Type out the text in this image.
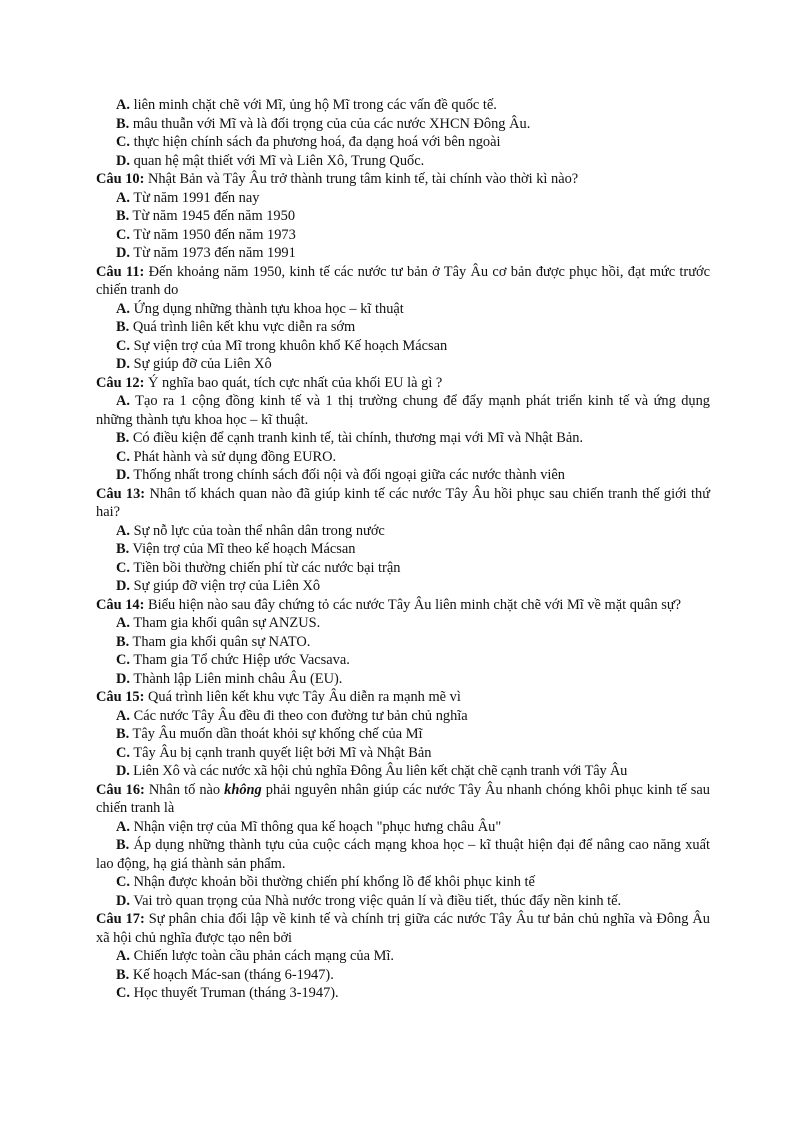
A. liên minh chặt chẽ với Mĩ, ủng hộ Mĩ trong các vấn đề quốc tế.
B. mâu thuẫn với Mĩ và là đối trọng của của các nước XHCN Đông Âu.
C. thực hiện chính sách đa phương hoá, đa dạng hoá với bên ngoài
D. quan hệ mật thiết với Mĩ và Liên Xô, Trung Quốc.
Câu 10: Nhật Bản và Tây Âu trở thành trung tâm kinh tế, tài chính vào thời kì nào?
A. Từ năm 1991 đến nay
B. Từ năm 1945 đến năm 1950
C. Từ năm 1950 đến năm 1973
D. Từ năm 1973 đến năm 1991
Câu 11: Đến khoảng năm 1950, kinh tế các nước tư bản ở Tây Âu cơ bản được phục hồi, đạt mức trước chiến tranh do
A. Ứng dụng những thành tựu khoa học – kĩ thuật
B. Quá trình liên kết khu vực diễn ra sớm
C. Sự viện trợ của Mĩ trong khuôn khổ Kế hoạch Mácsan
D. Sự giúp đỡ của Liên Xô
Câu 12: Ý nghĩa bao quát, tích cực nhất của khối EU là gì ?
A. Tạo ra 1 cộng đồng kinh tế và 1 thị trường chung để đẩy mạnh phát triển kinh tế và ứng dụng những thành tựu khoa học – kĩ thuật.
B. Có điều kiện để cạnh tranh kinh tế, tài chính, thương mại với Mĩ và Nhật Bản.
C. Phát hành và sử dụng đồng EURO.
D. Thống nhất trong chính sách đối nội và đối ngoại giữa các nước thành viên
Câu 13: Nhân tố khách quan nào đã giúp kinh tế các nước Tây Âu hồi phục sau chiến tranh thế giới thứ hai?
A. Sự nỗ lực của toàn thể nhân dân trong nước
B. Viện trợ của Mĩ theo kế hoạch Mácsan
C. Tiền bồi thường chiến phí từ các nước bại trận
D. Sự giúp đỡ viện trợ của Liên Xô
Câu 14: Biểu hiện nào sau đây chứng tỏ các nước Tây Âu liên minh chặt chẽ với Mĩ về mặt quân sự?
A. Tham gia khối quân sự ANZUS.
B. Tham gia khối quân sự NATO.
C. Tham gia Tổ chức Hiệp ước Vacsava.
D. Thành lập Liên minh châu Âu (EU).
Câu 15: Quá trình liên kết khu vực Tây Âu diễn ra mạnh mẽ vì
A. Các nước Tây Âu đều đi theo con đường tư bản chủ nghĩa
B. Tây Âu muốn dần thoát khỏi sự khống chế của Mĩ
C. Tây Âu bị cạnh tranh quyết liệt bởi Mĩ và Nhật Bản
D. Liên Xô và các nước xã hội chủ nghĩa Đông Âu liên kết chặt chẽ cạnh tranh với Tây Âu
Câu 16: Nhân tố nào không phải nguyên nhân giúp các nước Tây Âu nhanh chóng khôi phục kinh tế sau chiến tranh là
A. Nhận viện trợ của Mĩ thông qua kế hoạch "phục hưng châu Âu"
B. Áp dụng những thành tựu của cuộc cách mạng khoa học – kĩ thuật hiện đại để nâng cao năng xuất lao động, hạ giá thành sản phẩm.
C. Nhận được khoản bồi thường chiến phí khổng lồ để khôi phục kinh tế
D. Vai trò quan trọng của Nhà nước trong việc quản lí và điều tiết, thúc đẩy nền kinh tế.
Câu 17: Sự phân chia đối lập về kinh tế và chính trị giữa các nước Tây Âu tư bản chủ nghĩa và Đông Âu xã hội chủ nghĩa được tạo nên bởi
A. Chiến lược toàn cầu phản cách mạng của Mĩ.
B. Kế hoạch Mác-san (tháng 6-1947).
C. Học thuyết Truman (tháng 3-1947).
